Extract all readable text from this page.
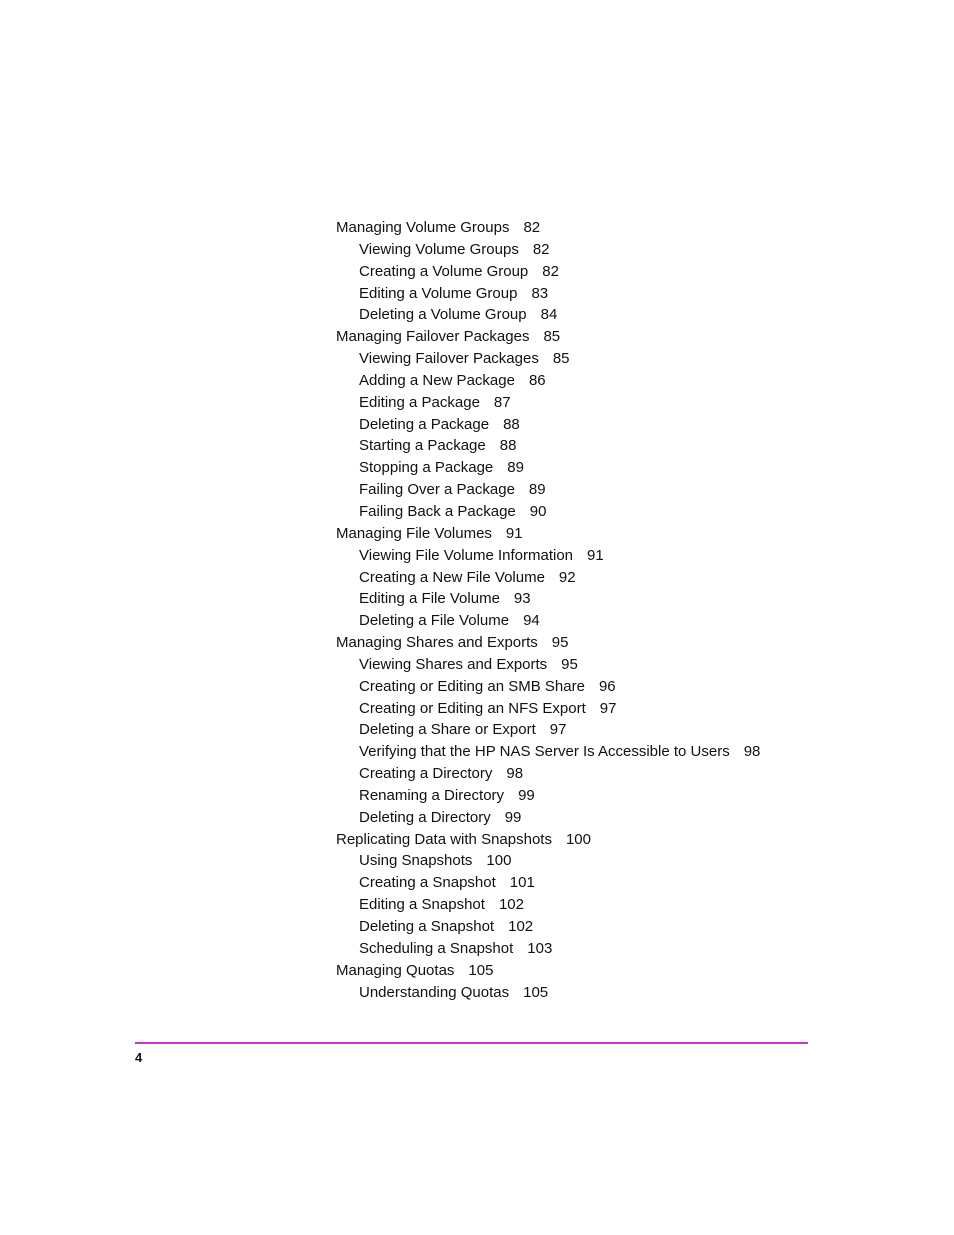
Managing Volume Groups 82
Viewing Volume Groups 82
Creating a Volume Group 82
Editing a Volume Group 83
Deleting a Volume Group 84
Managing Failover Packages 85
Viewing Failover Packages 85
Adding a New Package 86
Editing a Package 87
Deleting a Package 88
Starting a Package 88
Stopping a Package 89
Failing Over a Package 89
Failing Back a Package 90
Managing File Volumes 91
Viewing File Volume Information 91
Creating a New File Volume 92
Editing a File Volume 93
Deleting a File Volume 94
Managing Shares and Exports 95
Viewing Shares and Exports 95
Creating or Editing an SMB Share 96
Creating or Editing an NFS Export 97
Deleting a Share or Export 97
Verifying that the HP NAS Server Is Accessible to Users 98
Creating a Directory 98
Renaming a Directory 99
Deleting a Directory 99
Replicating Data with Snapshots 100
Using Snapshots 100
Creating a Snapshot 101
Editing a Snapshot 102
Deleting a Snapshot 102
Scheduling a Snapshot 103
Managing Quotas 105
Understanding Quotas 105
4
